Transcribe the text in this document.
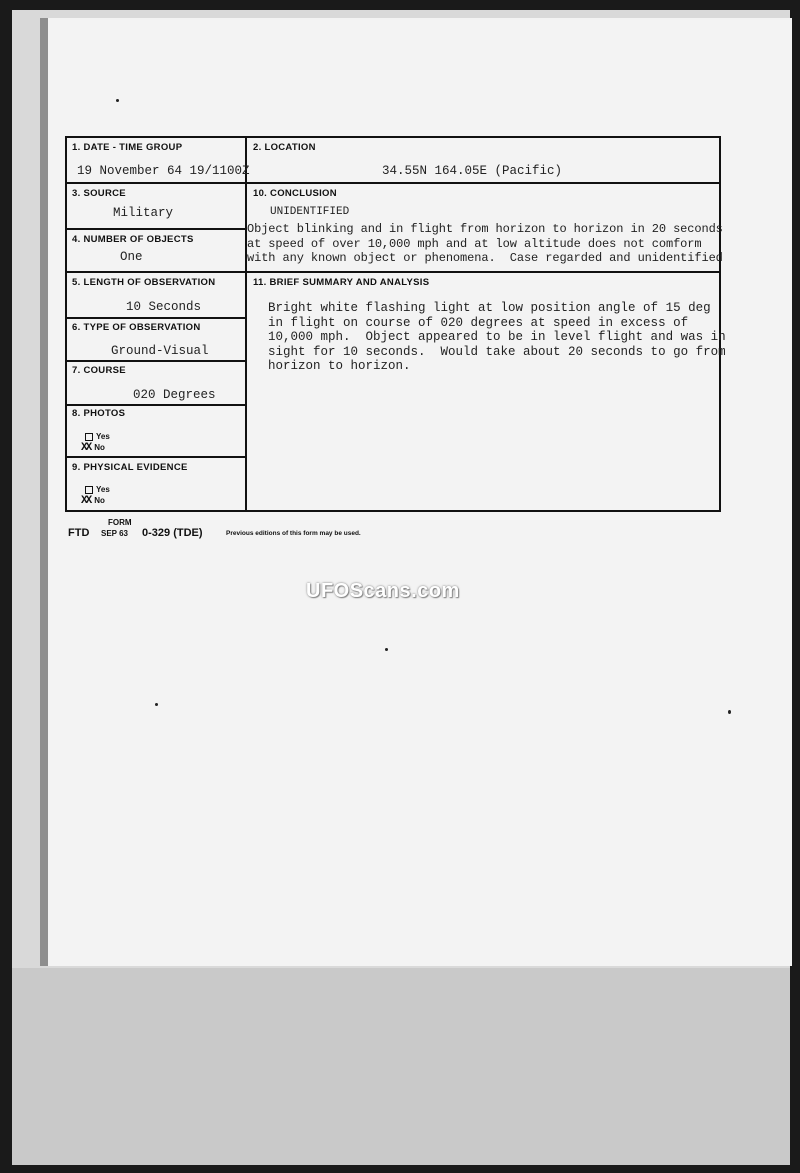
1. DATE - TIME GROUP
19 November 64 19/1100Z
2. LOCATION
34.55N 164.05E (Pacific)
3. SOURCE
Military
4. NUMBER OF OBJECTS
One
5. LENGTH OF OBSERVATION
10 Seconds
6. TYPE OF OBSERVATION
Ground-Visual
7. COURSE
020 Degrees
8. PHOTOS
Yes
XX No
9. PHYSICAL EVIDENCE
Yes
XX No
10. CONCLUSION
UNIDENTIFIED
Object blinking and in flight from horizon to horizon in 20 seconds
at speed of over 10,000 mph and at low altitude does not comform
with any known object or phenomena.  Case regarded and unidentified
11. BRIEF SUMMARY AND ANALYSIS
Bright white flashing light at low position angle of 15 deg
in flight on course of 020 degrees at speed in excess of
10,000 mph.  Object appeared to be in level flight and was in
sight for 10 seconds.  Would take about 20 seconds to go from
horizon to horizon.
FORM
FTD SEP 63 0-329 (TDE)	Previous editions of this form may be used.
UFOScans.com
